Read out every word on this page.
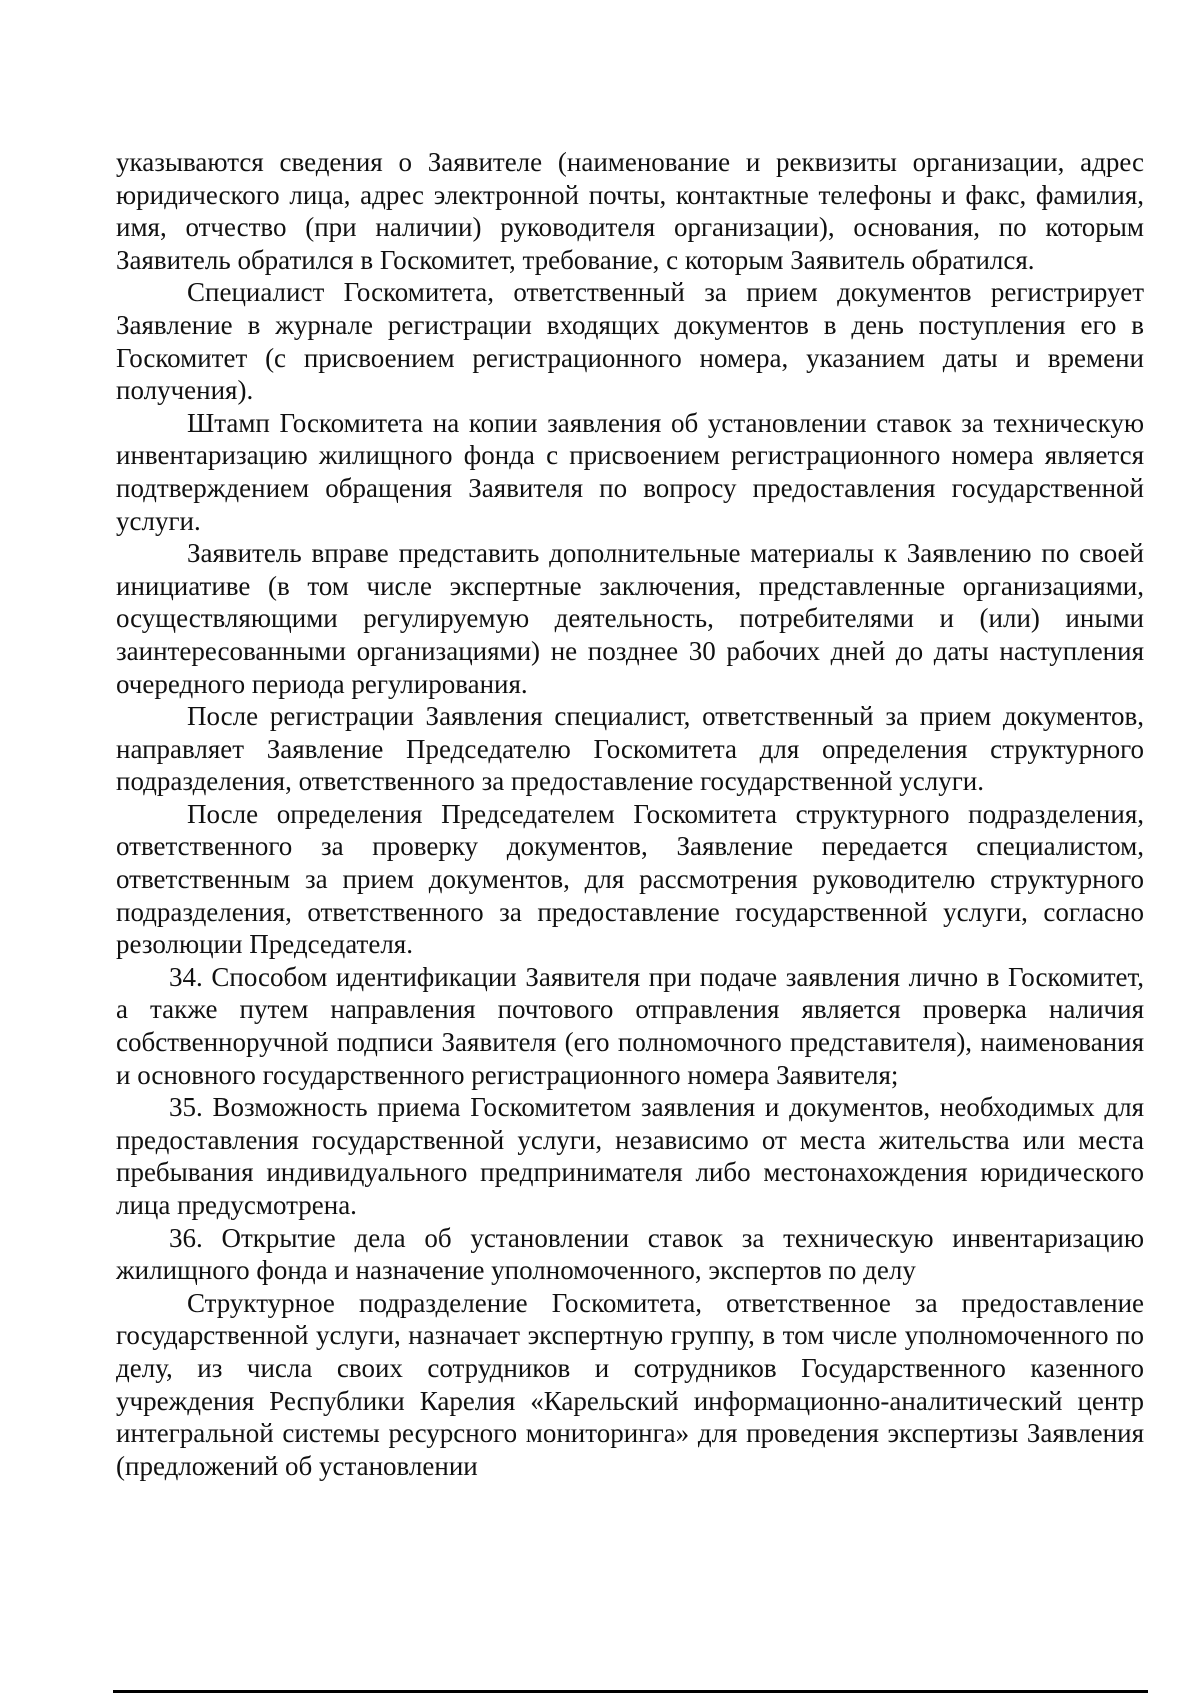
указываются сведения о Заявителе (наименование и реквизиты организации, адрес юридического лица, адрес электронной почты, контактные телефоны и факс, фамилия, имя, отчество (при наличии) руководителя организации), основания, по которым Заявитель обратился в Госкомитет, требование, с которым Заявитель обратился.

Специалист Госкомитета, ответственный за прием документов регистрирует Заявление в журнале регистрации входящих документов в день поступления его в Госкомитет (с присвоением регистрационного номера, указанием даты и времени получения).

Штамп Госкомитета на копии заявления об установлении ставок за техническую инвентаризацию жилищного фонда с присвоением регистрационного номера является подтверждением обращения Заявителя по вопросу предоставления государственной услуги.

Заявитель вправе представить дополнительные материалы к Заявлению по своей инициативе (в том числе экспертные заключения, представленные организациями, осуществляющими регулируемую деятельность, потребителями и (или) иными заинтересованными организациями) не позднее 30 рабочих дней до даты наступления очередного периода регулирования.

После регистрации Заявления специалист, ответственный за прием документов, направляет Заявление Председателю Госкомитета для определения структурного подразделения, ответственного за предоставление государственной услуги.

После определения Председателем Госкомитета структурного подразделения, ответственного за проверку документов, Заявление передается специалистом, ответственным за прием документов, для рассмотрения руководителю структурного подразделения, ответственного за предоставление государственной услуги, согласно резолюции Председателя.

34. Способом идентификации Заявителя при подаче заявления лично в Госкомитет, а также путем направления почтового отправления является проверка наличия собственноручной подписи Заявителя (его полномочного представителя), наименования и основного государственного регистрационного номера Заявителя;

35. Возможность приема Госкомитетом заявления и документов, необходимых для предоставления государственной услуги, независимо от места жительства или места пребывания индивидуального предпринимателя либо местонахождения юридического лица предусмотрена.

36. Открытие дела об установлении ставок за техническую инвентаризацию жилищного фонда и назначение уполномоченного, экспертов по делу

Структурное подразделение Госкомитета, ответственное за предоставление государственной услуги, назначает экспертную группу, в том числе уполномоченного по делу, из числа своих сотрудников и сотрудников Государственного казенного учреждения Республики Карелия «Карельский информационно-аналитический центр интегральной системы ресурсного мониторинга» для проведения экспертизы Заявления (предложений об установлении
